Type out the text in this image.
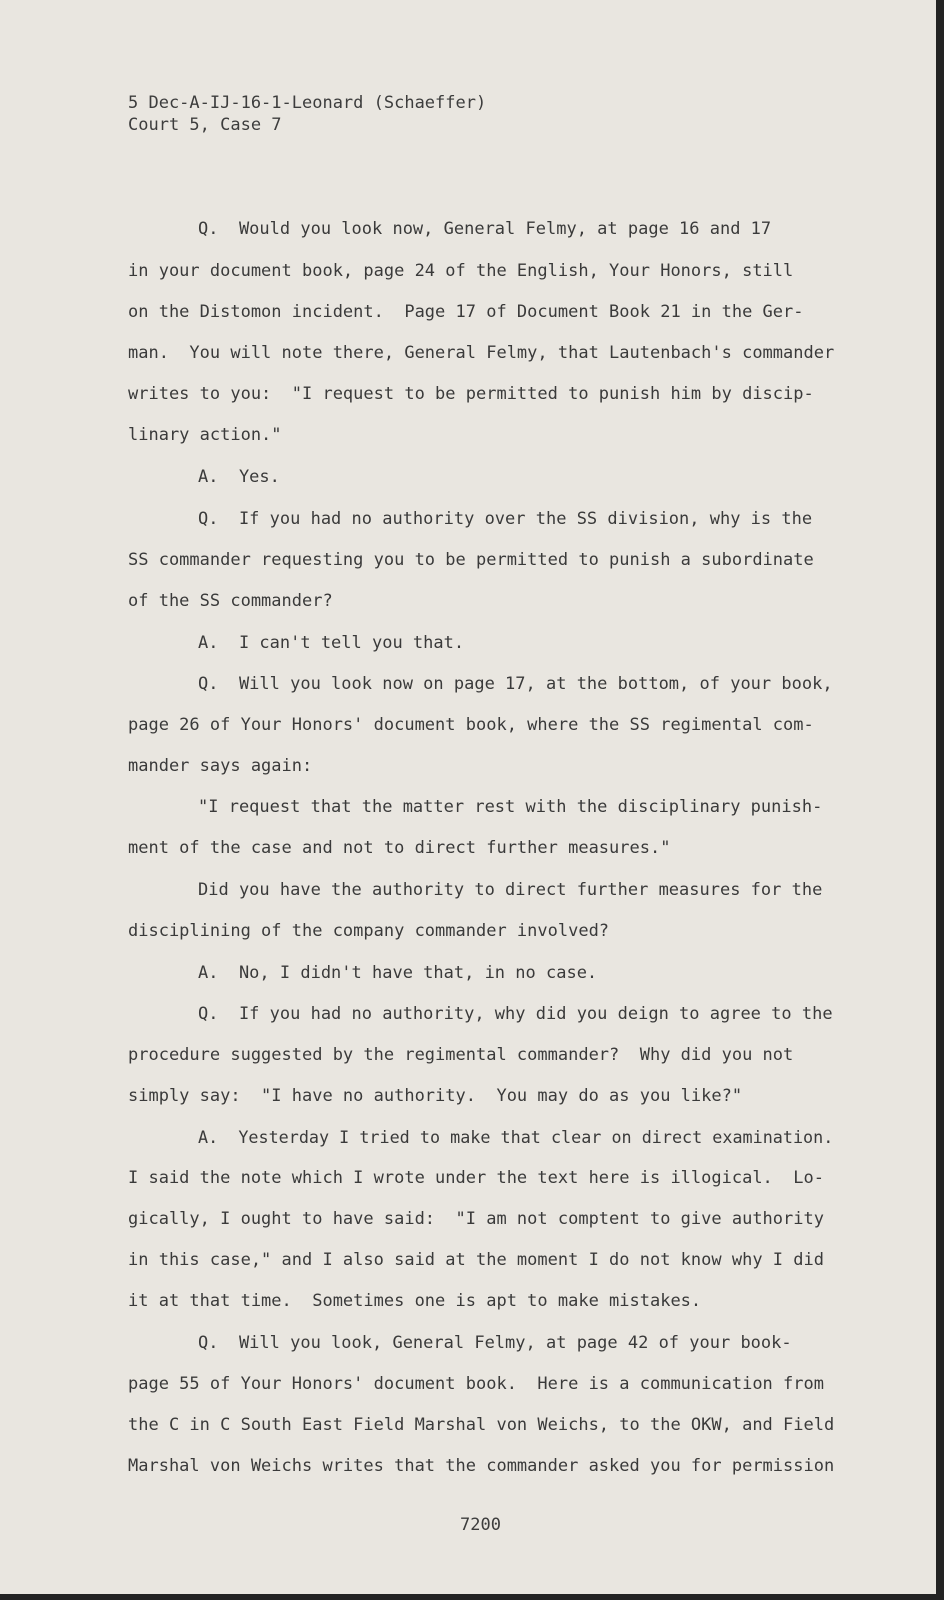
5 Dec-A-IJ-16-1-Leonard (Schaeffer)
Court 5, Case 7
Q.  Would you look now, General Felmy, at page 16 and 17
in your document book, page 24 of the English, Your Honors, still
on the Distomon incident.  Page 17 of Document Book 21 in the Ger-
man.  You will note there, General Felmy, that Lautenbach's commander
writes to you:  "I request to be permitted to punish him by discip-
linary action."
A.  Yes.
Q.  If you had no authority over the SS division, why is the
SS commander requesting you to be permitted to punish a subordinate
of the SS commander?
A.  I can't tell you that.
Q.  Will you look now on page 17, at the bottom, of your book,
page 26 of Your Honors' document book, where the SS regimental com-
mander says again:
"I request that the matter rest with the disciplinary punish-
ment of the case and not to direct further measures."
Did you have the authority to direct further measures for the
disciplining of the company commander involved?
A.  No, I didn't have that, in no case.
Q.  If you had no authority, why did you deign to agree to the
procedure suggested by the regimental commander?  Why did you not
simply say:  "I have no authority.  You may do as you like?"
A.  Yesterday I tried to make that clear on direct examination.
I said the note which I wrote under the text here is illogical.  Lo-
gically, I ought to have said:  "I am not comptent to give authority
in this case," and I also said at the moment I do not know why I did
it at that time.  Sometimes one is apt to make mistakes.
Q.  Will you look, General Felmy, at page 42 of your book-
page 55 of Your Honors' document book.  Here is a communication from
the C in C South East Field Marshal von Weichs, to the OKW, and Field
Marshal von Weichs writes that the commander asked you for permission
7200
